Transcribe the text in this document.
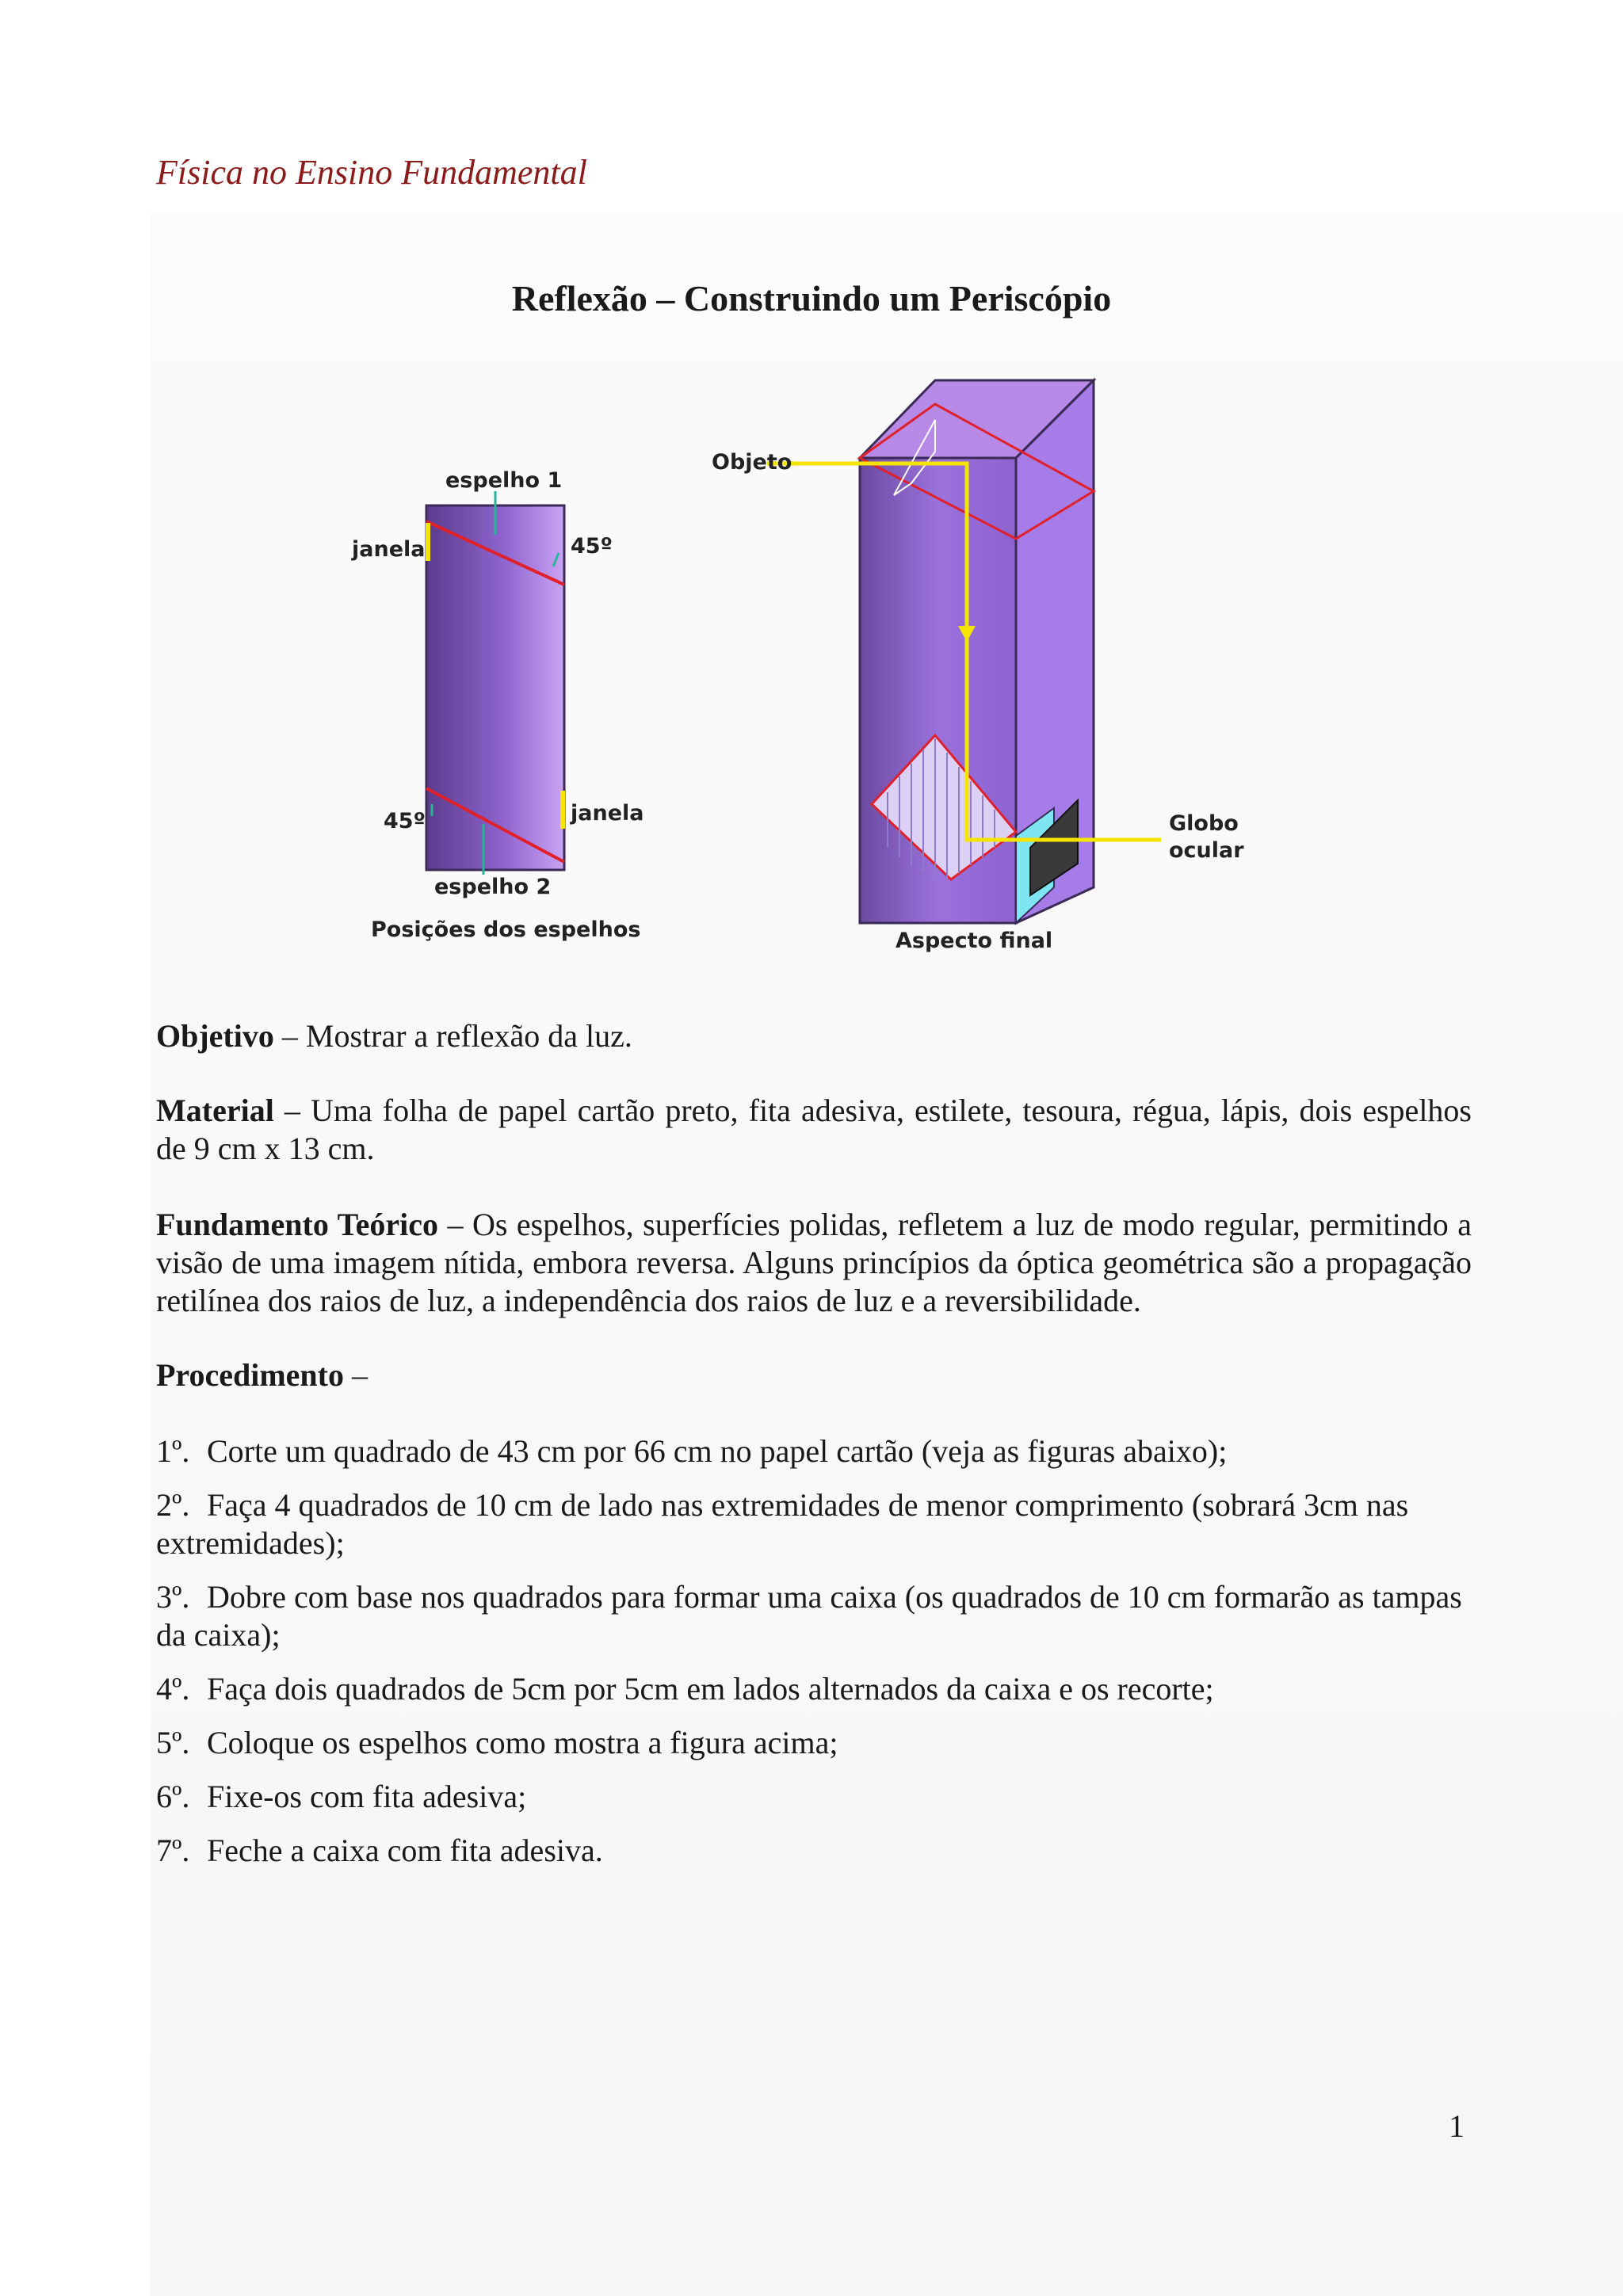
Física no Ensino Fundamental
Reflexão – Construindo um Periscópio
espelho 1
janela	45º
45º	janela
espelho 2
Posições dos espelhos
Objeto
Globo
ocular
Aspecto final
Objetivo – Mostrar a reflexão da luz.
Material – Uma folha de papel cartão preto, fita adesiva, estilete, tesoura, régua, lápis, dois espelhos de 9 cm x 13 cm.
Fundamento Teórico – Os espelhos, superfícies polidas, refletem a luz de modo regular, permitindo a visão de uma imagem nítida, embora reversa. Alguns princípios da óptica geométrica são a propagação retilínea dos raios de luz, a independência dos raios de luz e a reversibilidade.
Procedimento –
1º. Corte um quadrado de 43 cm por 66 cm no papel cartão (veja as figuras abaixo);
2º. Faça 4 quadrados de 10 cm de lado nas extremidades de menor comprimento (sobrará 3cm nas extremidades);
3º. Dobre com base nos quadrados para formar uma caixa (os quadrados de 10 cm formarão as tampas da caixa);
4º. Faça dois quadrados de 5cm por 5cm em lados alternados da caixa e os recorte;
5º. Coloque os espelhos como mostra a figura acima;
6º. Fixe-os com fita adesiva;
7º. Feche a caixa com fita adesiva.
1
